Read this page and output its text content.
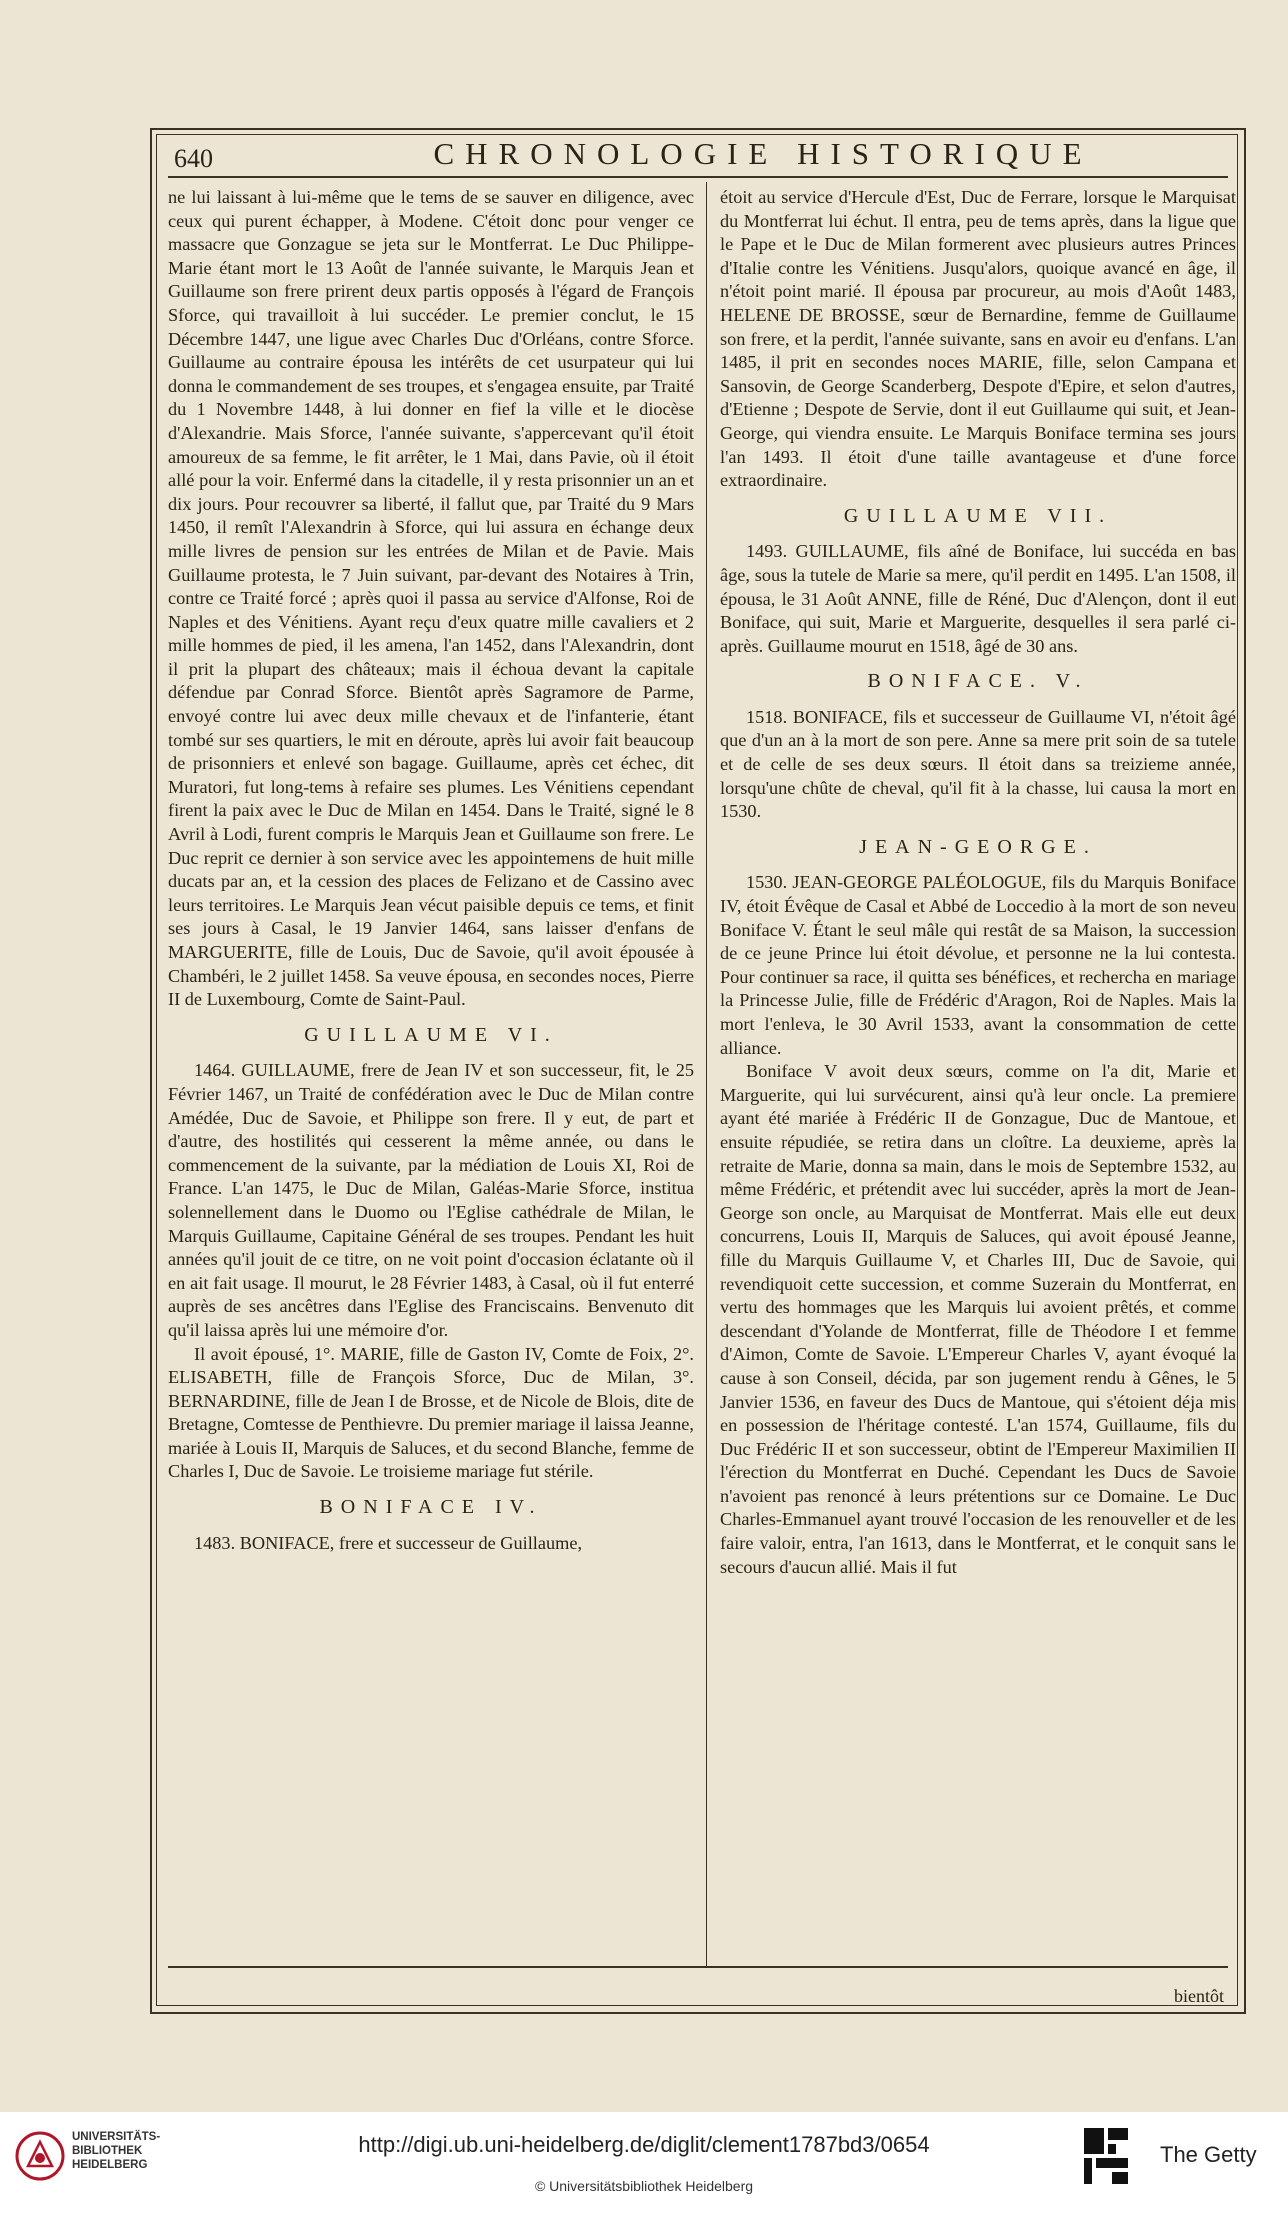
640	CHRONOLOGIE HISTORIQUE

ne lui laissant à lui-même que le tems de se sauver en diligence, avec ceux qui purent échapper, à Modene. C'étoit donc pour venger ce massacre que Gonzague se jeta sur le Montferrat. Le Duc Philippe-Marie étant mort le 13 Août de l'année suivante, le Marquis Jean et Guillaume son frere prirent deux partis opposés à l'égard de François Sforce, qui travailloit à lui succéder. Le premier conclut, le 15 Décembre 1447, une ligue avec Charles Duc d'Orléans, contre Sforce. Guillaume au contraire épousa les intérêts de cet usurpateur qui lui donna le commandement de ses troupes, et s'engagea ensuite, par Traité du 1 Novembre 1448, à lui donner en fief la ville et le diocèse d'Alexandrie. Mais Sforce, l'année suivante, s'appercevant qu'il étoit amoureux de sa femme, le fit arrêter, le 1 Mai, dans Pavie, où il étoit allé pour la voir. Enfermé dans la citadelle, il y resta prisonnier un an et dix jours. Pour recouvrer sa liberté, il fallut que, par Traité du 9 Mars 1450, il remît l'Alexandrin à Sforce, qui lui assura en échange deux mille livres de pension sur les entrées de Milan et de Pavie. Mais Guillaume protesta, le 7 Juin suivant, par-devant des Notaires à Trin, contre ce Traité forcé ; après quoi il passa au service d'Alfonse, Roi de Naples et des Vénitiens. Ayant reçu d'eux quatre mille cavaliers et 2 mille hommes de pied, il les amena, l'an 1452, dans l'Alexandrin, dont il prit la plupart des châteaux; mais il échoua devant la capitale défendue par Conrad Sforce. Bientôt après Sagramore de Parme, envoyé contre lui avec deux mille chevaux et de l'infanterie, étant tombé sur ses quartiers, le mit en déroute, après lui avoir fait beaucoup de prisonniers et enlevé son bagage. Guillaume, après cet échec, dit Muratori, fut long-tems à refaire ses plumes. Les Vénitiens cependant firent la paix avec le Duc de Milan en 1454. Dans le Traité, signé le 8 Avril à Lodi, furent compris le Marquis Jean et Guillaume son frere. Le Duc reprit ce dernier à son service avec les appointemens de huit mille ducats par an, et la cession des places de Felizano et de Cassino avec leurs territoires. Le Marquis Jean vécut paisible depuis ce tems, et finit ses jours à Casal, le 19 Janvier 1464, sans laisser d'enfans de MARGUERITE, fille de Louis, Duc de Savoie, qu'il avoit épousée à Chambéri, le 2 juillet 1458. Sa veuve épousa, en secondes noces, Pierre II de Luxembourg, Comte de Saint-Paul.

GUILLAUME VI.

1464. GUILLAUME, frere de Jean IV et son successeur, fit, le 25 Février 1467, un Traité de confédération avec le Duc de Milan contre Amédée, Duc de Savoie, et Philippe son frere. Il y eut, de part et d'autre, des hostilités qui cesserent la même année, ou dans le commencement de la suivante, par la médiation de Louis XI, Roi de France. L'an 1475, le Duc de Milan, Galéas-Marie Sforce, institua solennellement dans le Duomo ou l'Eglise cathédrale de Milan, le Marquis Guillaume, Capitaine Général de ses troupes. Pendant les huit années qu'il jouit de ce titre, on ne voit point d'occasion éclatante où il en ait fait usage. Il mourut, le 28 Février 1483, à Casal, où il fut enterré auprès de ses ancêtres dans l'Eglise des Franciscains. Benvenuto dit qu'il laissa après lui une mémoire d'or.

Il avoit épousé, 1°. MARIE, fille de Gaston IV, Comte de Foix, 2°. ELISABETH, fille de François Sforce, Duc de Milan, 3°. BERNARDINE, fille de Jean I de Brosse, et de Nicole de Blois, dite de Bretagne, Comtesse de Penthievre. Du premier mariage il laissa Jeanne, mariée à Louis II, Marquis de Saluces, et du second Blanche, femme de Charles I, Duc de Savoie. Le troisieme mariage fut stérile.

BONIFACE IV.

1483. BONIFACE, frere et successeur de Guillaume,

étoit au service d'Hercule d'Est, Duc de Ferrare, lorsque le Marquisat du Montferrat lui échut. Il entra, peu de tems après, dans la ligue que le Pape et le Duc de Milan formerent avec plusieurs autres Princes d'Italie contre les Vénitiens. Jusqu'alors, quoique avancé en âge, il n'étoit point marié. Il épousa par procureur, au mois d'Août 1483, HELENE DE BROSSE, sœur de Bernardine, femme de Guillaume son frere, et la perdit, l'année suivante, sans en avoir eu d'enfans. L'an 1485, il prit en secondes noces MARIE, fille, selon Campana et Sansovin, de George Scanderberg, Despote d'Epire, et selon d'autres, d'Etienne ; Despote de Servie, dont il eut Guillaume qui suit, et Jean-George, qui viendra ensuite. Le Marquis Boniface termina ses jours l'an 1493. Il étoit d'une taille avantageuse et d'une force extraordinaire.

GUILLAUME VII.

1493. GUILLAUME, fils aîné de Boniface, lui succéda en bas âge, sous la tutele de Marie sa mere, qu'il perdit en 1495. L'an 1508, il épousa, le 31 Août ANNE, fille de Réné, Duc d'Alençon, dont il eut Boniface, qui suit, Marie et Marguerite, desquelles il sera parlé ci-après. Guillaume mourut en 1518, âgé de 30 ans.

BONIFACE. V.

1518. BONIFACE, fils et successeur de Guillaume VI, n'étoit âgé que d'un an à la mort de son pere. Anne sa mere prit soin de sa tutele et de celle de ses deux sœurs. Il étoit dans sa treizieme année, lorsqu'une chûte de cheval, qu'il fit à la chasse, lui causa la mort en 1530.

JEAN-GEORGE.

1530. JEAN-GEORGE PALÉOLOGUE, fils du Marquis Boniface IV, étoit Évêque de Casal et Abbé de Loccedio à la mort de son neveu Boniface V. Étant le seul mâle qui restât de sa Maison, la succession de ce jeune Prince lui étoit dévolue, et personne ne la lui contesta. Pour continuer sa race, il quitta ses bénéfices, et rechercha en mariage la Princesse Julie, fille de Frédéric d'Aragon, Roi de Naples. Mais la mort l'enleva, le 30 Avril 1533, avant la consommation de cette alliance.

Boniface V avoit deux sœurs, comme on l'a dit, Marie et Marguerite, qui lui survécurent, ainsi qu'à leur oncle. La premiere ayant été mariée à Frédéric II de Gonzague, Duc de Mantoue, et ensuite répudiée, se retira dans un cloître. La deuxieme, après la retraite de Marie, donna sa main, dans le mois de Septembre 1532, au même Frédéric, et prétendit avec lui succéder, après la mort de Jean-George son oncle, au Marquisat de Montferrat. Mais elle eut deux concurrens, Louis II, Marquis de Saluces, qui avoit épousé Jeanne, fille du Marquis Guillaume V, et Charles III, Duc de Savoie, qui revendiquoit cette succession, et comme Suzerain du Montferrat, en vertu des hommages que les Marquis lui avoient prêtés, et comme descendant d'Yolande de Montferrat, fille de Théodore I et femme d'Aimon, Comte de Savoie. L'Empereur Charles V, ayant évoqué la cause à son Conseil, décida, par son jugement rendu à Gênes, le 5 Janvier 1536, en faveur des Ducs de Mantoue, qui s'étoient déja mis en possession de l'héritage contesté. L'an 1574, Guillaume, fils du Duc Frédéric II et son successeur, obtint de l'Empereur Maximilien II l'érection du Montferrat en Duché. Cependant les Ducs de Savoie n'avoient pas renoncé à leurs prétentions sur ce Domaine. Le Duc Charles-Emmanuel ayant trouvé l'occasion de les renouveller et de les faire valoir, entra, l'an 1613, dans le Montferrat, et le conquit sans le secours d'aucun allié. Mais il fut

bientôt
UNIVERSITÄTS-
BIBLIOTHEK
HEIDELBERG
http://digi.ub.uni-heidelberg.de/diglit/clement1787bd3/0654
© Universitätsbibliothek Heidelberg
The Getty
